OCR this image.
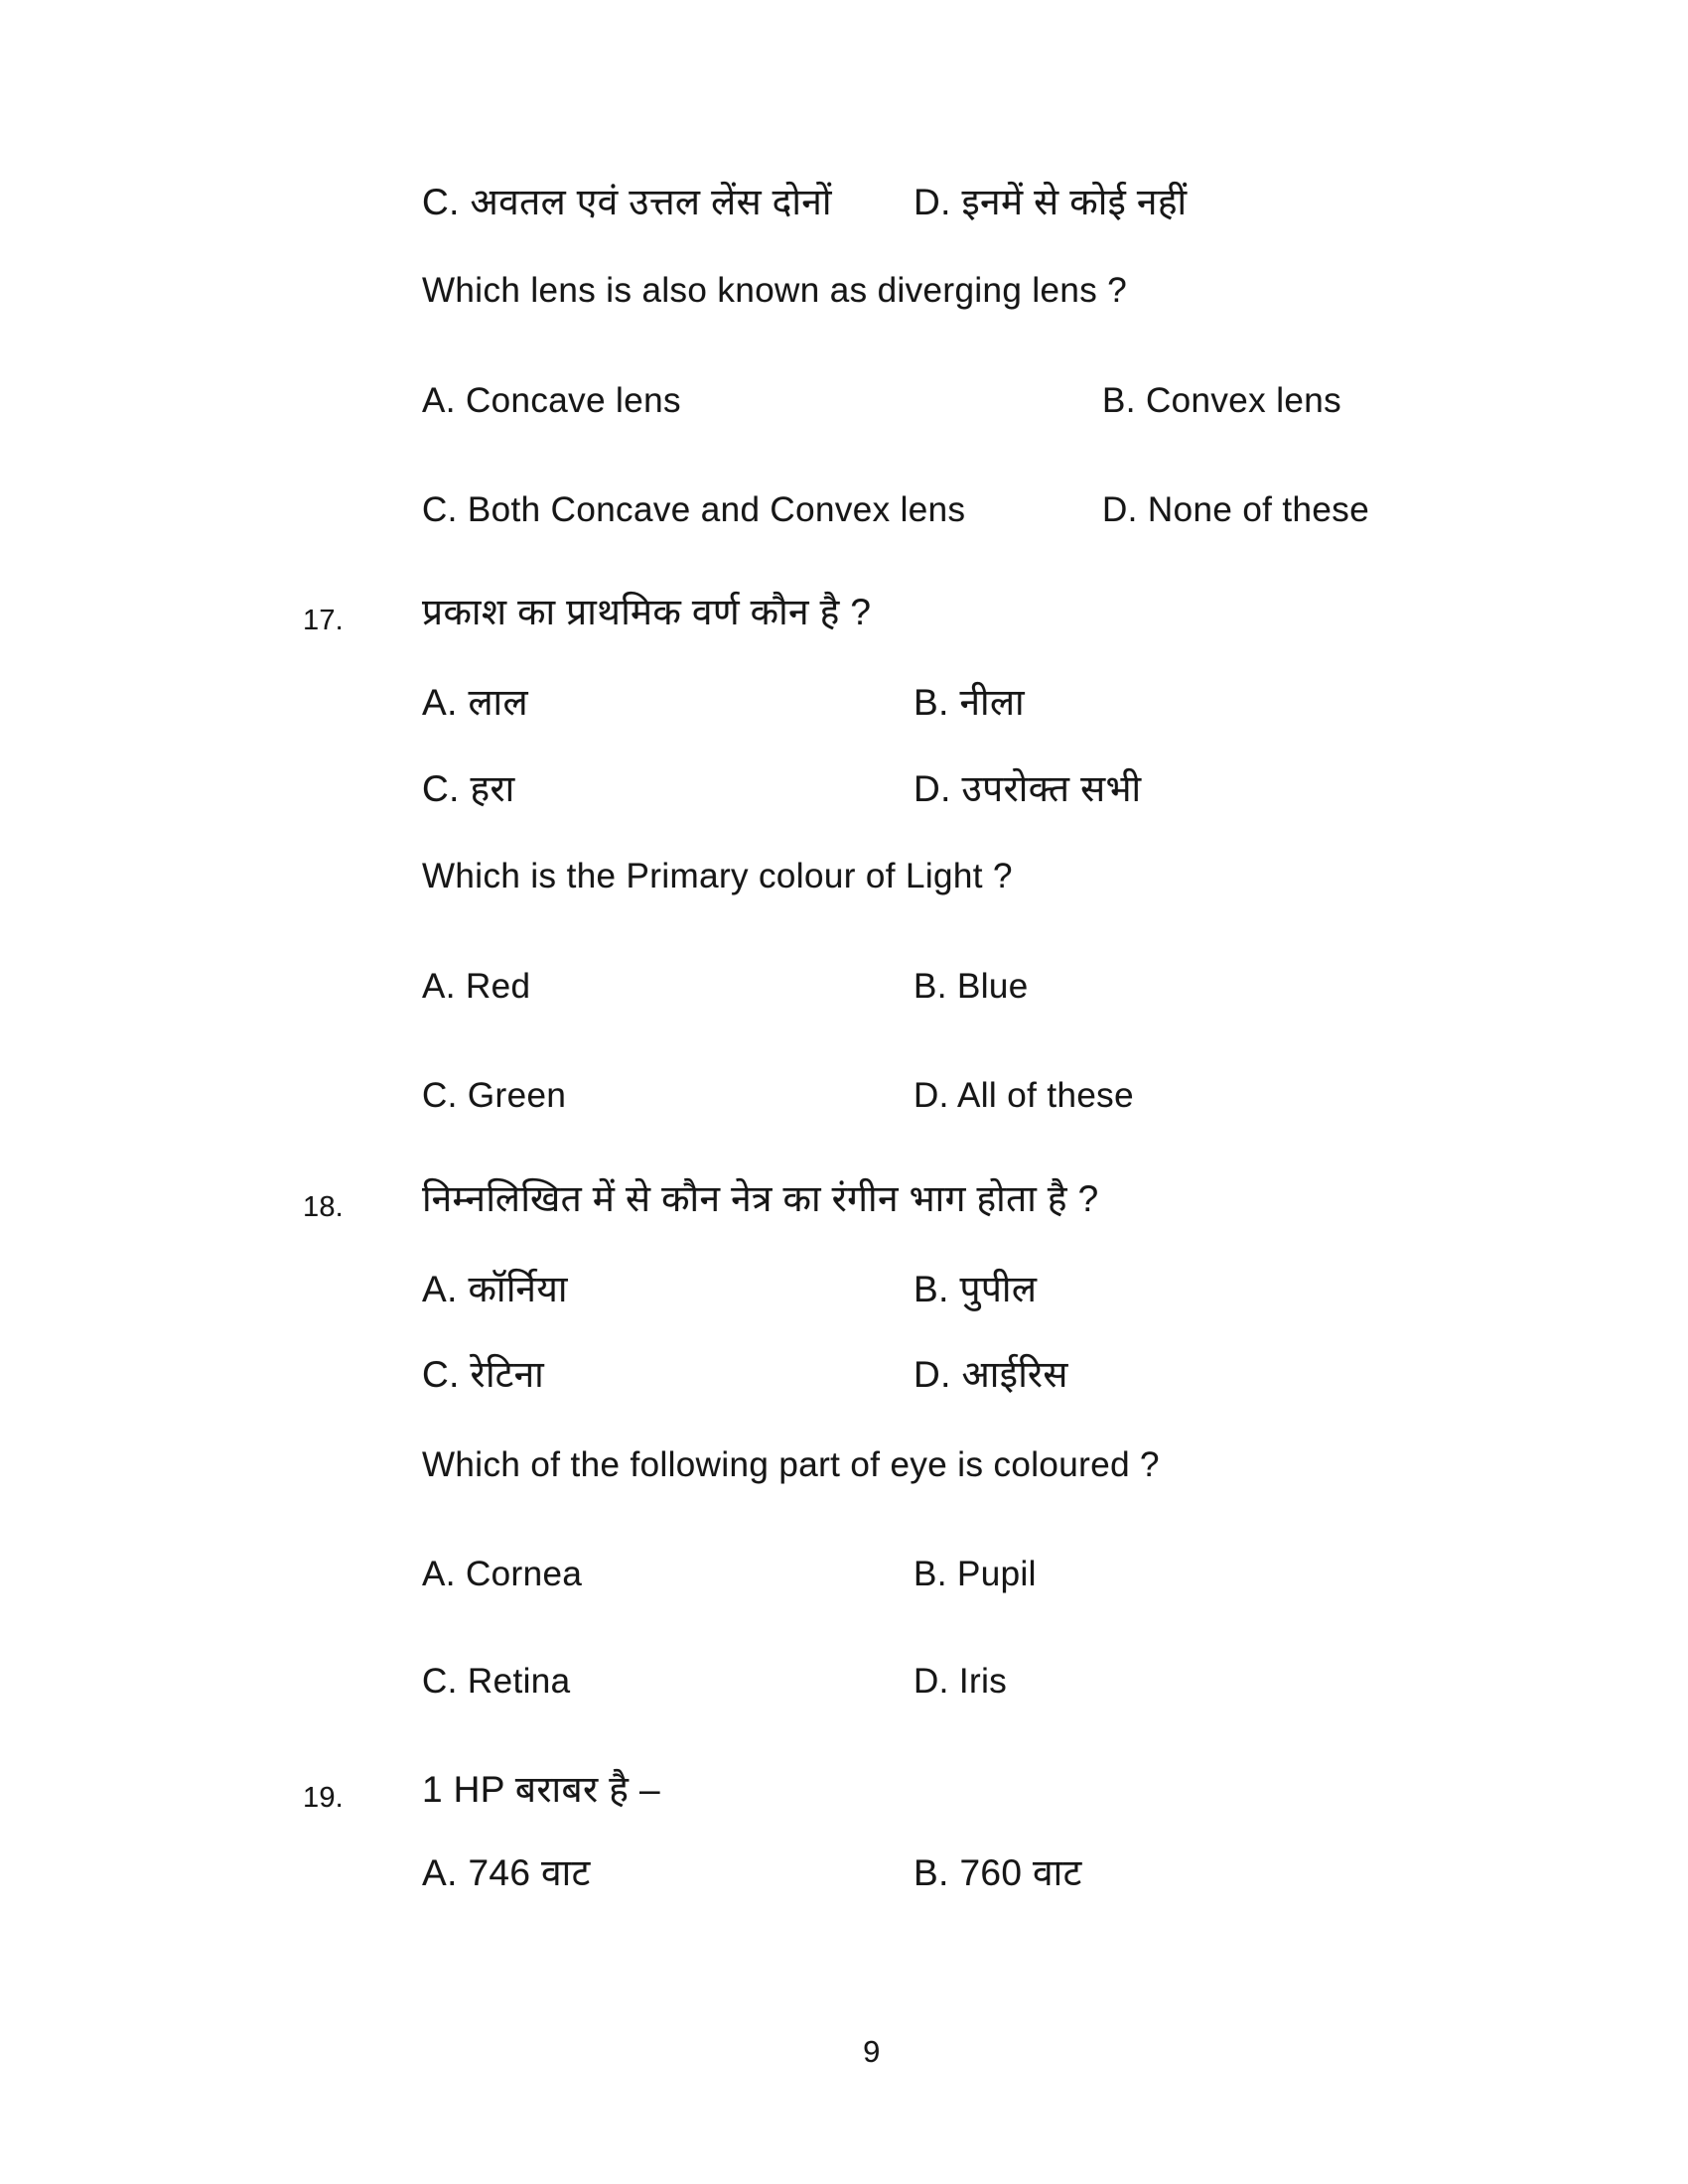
C. अवतल एवं उत्तल लेंस दोनों D. इनमें से कोई नहीं
Which lens is also known as diverging lens ?
A. Concave lens	B. Convex lens
C. Both Concave and Convex lens	D. None of these
17. प्रकाश का प्राथमिक वर्ण कौन है ?
A. लाल	B. नीला
C. हरा	D. उपरोक्त सभी
Which is the Primary colour of Light ?
A. Red	B. Blue
C. Green	D. All of these
18. निम्नलिखित में से कौन नेत्र का रंगीन भाग होता है ?
A. कॉर्निया	B. पुपील
C. रेटिना	D. आईरिस
Which of the following part of eye is coloured ?
A. Cornea	B. Pupil
C. Retina	D. Iris
19. 1 HP बराबर है –
A. 746 वाट	B. 760 वाट
9
